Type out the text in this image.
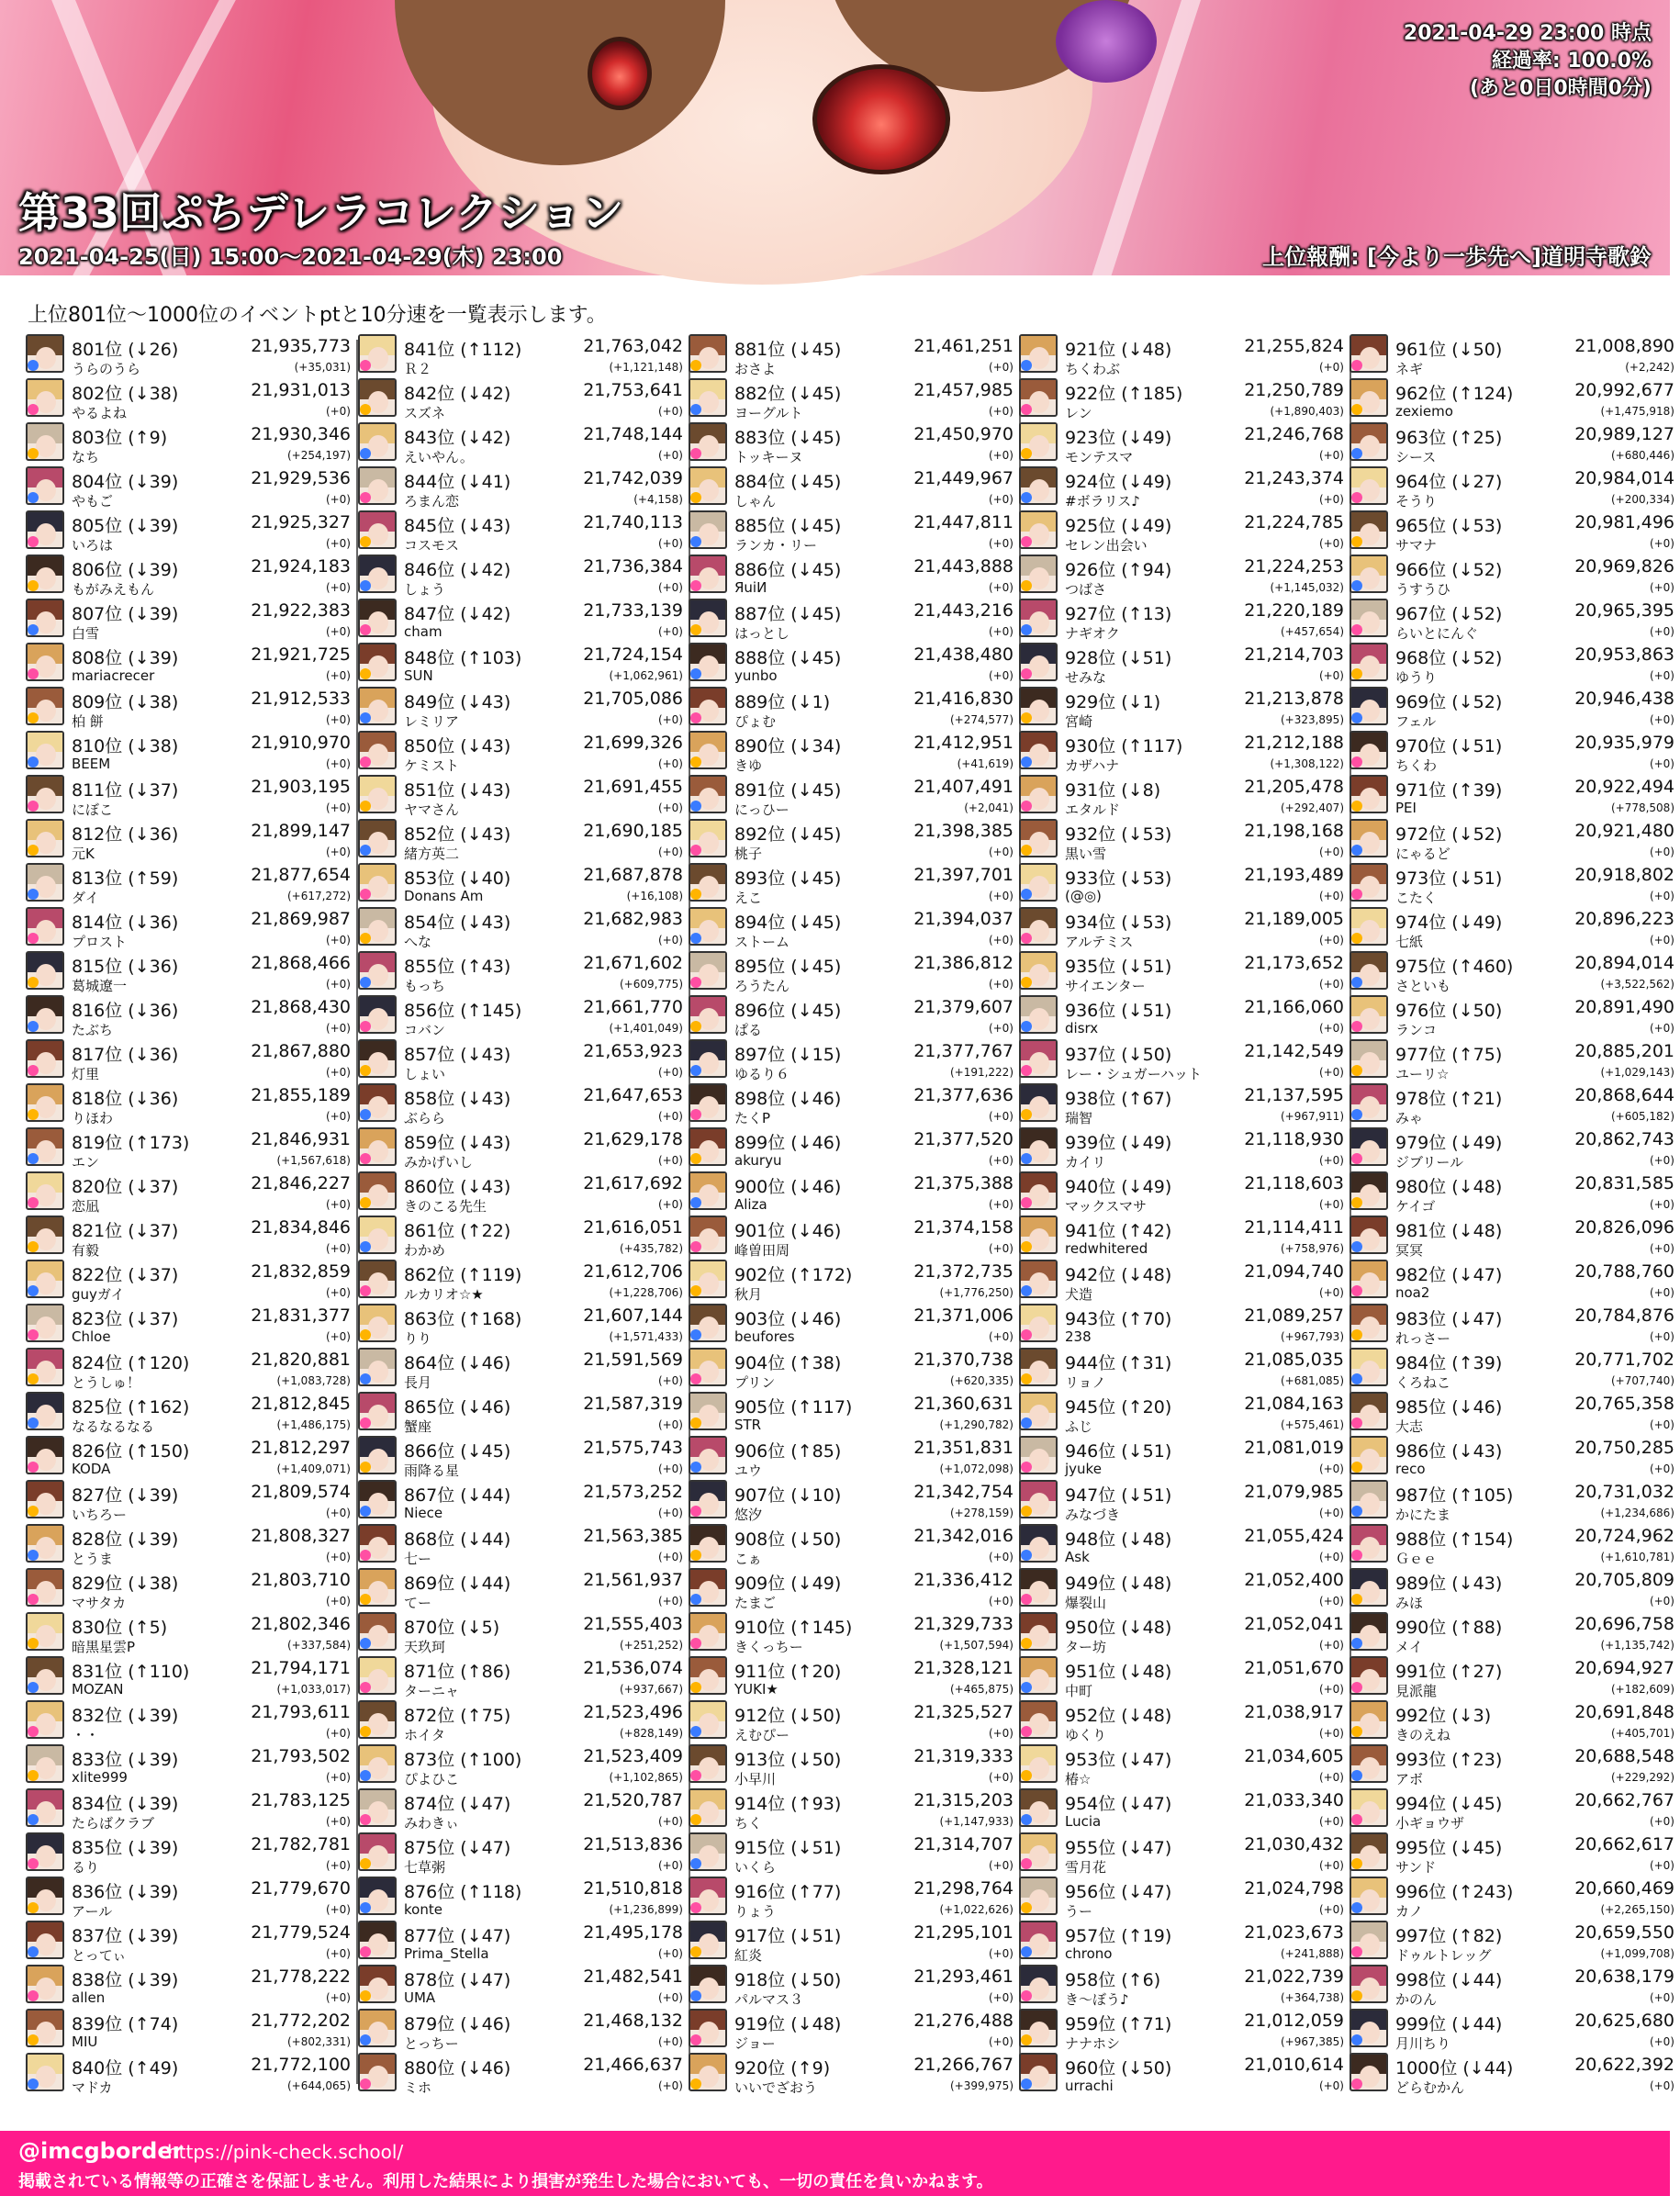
2021-04-29 23:00 時点
経過率: 100.0%
(あと0日0時間0分)
第33回ぷちデレラコレクション
2021-04-25(日) 15:00〜2021-04-29(木) 23:00	上位報酬: [今より一歩先へ]道明寺歌鈴
上位801位〜1000位のイベントptと10分速を一覧表示します。
801位 (↓26)	21,935,773
うらのうら	(+35,031)
802位 (↓38)	21,931,013
やるよね	(+0)
803位 (↑9)	21,930,346
なち	(+254,197)
804位 (↓39)	21,929,536
やもご	(+0)
805位 (↓39)	21,925,327
いろは	(+0)
806位 (↓39)	21,924,183
もがみえもん	(+0)
807位 (↓39)	21,922,383
白雪	(+0)
808位 (↓39)	21,921,725
mariacrecer	(+0)
809位 (↓38)	21,912,533
柏 餅	(+0)
810位 (↓38)	21,910,970
BEEM	(+0)
811位 (↓37)	21,903,195
にぼこ	(+0)
812位 (↓36)	21,899,147
元K	(+0)
813位 (↑59)	21,877,654
ダイ	(+617,272)
814位 (↓36)	21,869,987
プロスト	(+0)
815位 (↓36)	21,868,466
葛城遼一	(+0)
816位 (↓36)	21,868,430
たぶち	(+0)
817位 (↓36)	21,867,880
灯里	(+0)
818位 (↓36)	21,855,189
りほわ	(+0)
819位 (↑173)	21,846,931
エン	(+1,567,618)
820位 (↓37)	21,846,227
恋凪	(+0)
821位 (↓37)	21,834,846
有毅	(+0)
822位 (↓37)	21,832,859
guyガイ	(+0)
823位 (↓37)	21,831,377
Chloe	(+0)
824位 (↑120)	21,820,881
とうしゅ！	(+1,083,728)
825位 (↑162)	21,812,845
なるなるなる	(+1,486,175)
826位 (↑150)	21,812,297
KODA	(+1,409,071)
827位 (↓39)	21,809,574
いちろー	(+0)
828位 (↓39)	21,808,327
とうま	(+0)
829位 (↓38)	21,803,710
マサタカ	(+0)
830位 (↑5)	21,802,346
暗黒星雲P	(+337,584)
831位 (↑110)	21,794,171
MOZAN	(+1,033,017)
832位 (↓39)	21,793,611
・・	(+0)
833位 (↓39)	21,793,502
xlite999	(+0)
834位 (↓39)	21,783,125
たらばクラブ	(+0)
835位 (↓39)	21,782,781
るり	(+0)
836位 (↓39)	21,779,670
アール	(+0)
837位 (↓39)	21,779,524
とってぃ	(+0)
838位 (↓39)	21,778,222
allen	(+0)
839位 (↑74)	21,772,202
MIU	(+802,331)
840位 (↑49)	21,772,100
マドカ	(+644,065)
841位 (↑112)	21,763,042
Ｒ２	(+1,121,148)
842位 (↓42)	21,753,641
スズネ	(+0)
843位 (↓42)	21,748,144
えいやん。	(+0)
844位 (↓41)	21,742,039
ろまん恋	(+4,158)
845位 (↓43)	21,740,113
コスモス	(+0)
846位 (↓42)	21,736,384
しょう	(+0)
847位 (↓42)	21,733,139
cham	(+0)
848位 (↑103)	21,724,154
SUN	(+1,062,961)
849位 (↓43)	21,705,086
レミリア	(+0)
850位 (↓43)	21,699,326
ケミスト	(+0)
851位 (↓43)	21,691,455
ヤマさん	(+0)
852位 (↓43)	21,690,185
緒方英二	(+0)
853位 (↓40)	21,687,878
Donans Am	(+16,108)
854位 (↓43)	21,682,983
へな	(+0)
855位 (↑43)	21,671,602
もっち	(+609,775)
856位 (↑145)	21,661,770
コバン	(+1,401,049)
857位 (↓43)	21,653,923
しょい	(+0)
858位 (↓43)	21,647,653
ぶらら	(+0)
859位 (↓43)	21,629,178
みかげいし	(+0)
860位 (↓43)	21,617,692
きのこる先生	(+0)
861位 (↑22)	21,616,051
わかめ	(+435,782)
862位 (↑119)	21,612,706
ルカリオ☆★	(+1,228,706)
863位 (↑168)	21,607,144
りり	(+1,571,433)
864位 (↓46)	21,591,569
長月	(+0)
865位 (↓46)	21,587,319
蟹座	(+0)
866位 (↓45)	21,575,743
雨降る星	(+0)
867位 (↓44)	21,573,252
Niece	(+0)
868位 (↓44)	21,563,385
七ー	(+0)
869位 (↓44)	21,561,937
てー	(+0)
870位 (↓5)	21,555,403
天玖珂	(+251,252)
871位 (↑86)	21,536,074
ターニャ	(+937,667)
872位 (↑75)	21,523,496
ホイタ	(+828,149)
873位 (↑100)	21,523,409
ぴよひこ	(+1,102,865)
874位 (↓47)	21,520,787
みわきぃ	(+0)
875位 (↓47)	21,513,836
七草粥	(+0)
876位 (↑118)	21,510,818
konte	(+1,236,899)
877位 (↓47)	21,495,178
Prima_Stella	(+0)
878位 (↓47)	21,482,541
UMA	(+0)
879位 (↓46)	21,468,132
とっちー	(+0)
880位 (↓46)	21,466,637
ミホ	(+0)
881位 (↓45)	21,461,251
おさよ	(+0)
882位 (↓45)	21,457,985
ヨーグルト	(+0)
883位 (↓45)	21,450,970
トッキーヌ	(+0)
884位 (↓45)	21,449,967
しゃん	(+0)
885位 (↓45)	21,447,811
ランカ・リー	(+0)
886位 (↓45)	21,443,888
ЯuiИ	(+0)
887位 (↓45)	21,443,216
はっとし	(+0)
888位 (↓45)	21,438,480
yunbo	(+0)
889位 (↓1)	21,416,830
ぴょむ	(+274,577)
890位 (↓34)	21,412,951
きゆ	(+41,619)
891位 (↓45)	21,407,491
にっひー	(+2,041)
892位 (↓45)	21,398,385
桃子	(+0)
893位 (↓45)	21,397,701
えこ	(+0)
894位 (↓45)	21,394,037
ストーム	(+0)
895位 (↓45)	21,386,812
ろうたん	(+0)
896位 (↓45)	21,379,607
ぱる	(+0)
897位 (↓15)	21,377,767
ゆるり６	(+191,222)
898位 (↓46)	21,377,636
たくP	(+0)
899位 (↓46)	21,377,520
akuryu	(+0)
900位 (↓46)	21,375,388
Aliza	(+0)
901位 (↓46)	21,374,158
峰曽田周	(+0)
902位 (↑172)	21,372,735
秋月	(+1,776,250)
903位 (↓46)	21,371,006
beufores	(+0)
904位 (↑38)	21,370,738
プリン	(+620,335)
905位 (↑117)	21,360,631
STR	(+1,290,782)
906位 (↑85)	21,351,831
ユウ	(+1,072,098)
907位 (↓10)	21,342,754
悠汐	(+278,159)
908位 (↓50)	21,342,016
こぁ	(+0)
909位 (↓49)	21,336,412
たまご	(+0)
910位 (↑145)	21,329,733
きくっちー	(+1,507,594)
911位 (↑20)	21,328,121
YUKI★	(+465,875)
912位 (↓50)	21,325,527
えむぴー	(+0)
913位 (↓50)	21,319,333
小早川	(+0)
914位 (↑93)	21,315,203
ちく	(+1,147,933)
915位 (↓51)	21,314,707
いくら	(+0)
916位 (↑77)	21,298,764
りょう	(+1,022,626)
917位 (↓51)	21,295,101
紅炎	(+0)
918位 (↓50)	21,293,461
パルマス３	(+0)
919位 (↓48)	21,276,488
ジョー	(+0)
920位 (↑9)	21,266,767
いいでざおう	(+399,975)
921位 (↓48)	21,255,824
ちくわぶ	(+0)
922位 (↑185)	21,250,789
レン	(+1,890,403)
923位 (↓49)	21,246,768
モンテスマ	(+0)
924位 (↓49)	21,243,374
#ボラリス♪	(+0)
925位 (↓49)	21,224,785
セレン出会い	(+0)
926位 (↑94)	21,224,253
つばさ	(+1,145,032)
927位 (↑13)	21,220,189
ナギオク	(+457,654)
928位 (↓51)	21,214,703
せみな	(+0)
929位 (↓1)	21,213,878
宮崎	(+323,895)
930位 (↑117)	21,212,188
カザハナ	(+1,308,122)
931位 (↓8)	21,205,478
エタルド	(+292,407)
932位 (↓53)	21,198,168
黒い雪	(+0)
933位 (↓53)	21,193,489
(@◎)	(+0)
934位 (↓53)	21,189,005
アルテミス	(+0)
935位 (↓51)	21,173,652
サイエンター	(+0)
936位 (↓51)	21,166,060
disrx	(+0)
937位 (↓50)	21,142,549
レー・シュガーハット	(+0)
938位 (↑67)	21,137,595
瑞智	(+967,911)
939位 (↓49)	21,118,930
カイリ	(+0)
940位 (↓49)	21,118,603
マックスマサ	(+0)
941位 (↑42)	21,114,411
redwhitered	(+758,976)
942位 (↓48)	21,094,740
犬造	(+0)
943位 (↑70)	21,089,257
238	(+967,793)
944位 (↑31)	21,085,035
リョノ	(+681,085)
945位 (↑20)	21,084,163
ふじ	(+575,461)
946位 (↓51)	21,081,019
jyuke	(+0)
947位 (↓51)	21,079,985
みなづき	(+0)
948位 (↓48)	21,055,424
Ask	(+0)
949位 (↓48)	21,052,400
爆裂山	(+0)
950位 (↓48)	21,052,041
ター坊	(+0)
951位 (↓48)	21,051,670
中町	(+0)
952位 (↓48)	21,038,917
ゆくり	(+0)
953位 (↓47)	21,034,605
椿☆	(+0)
954位 (↓47)	21,033,340
Lucia	(+0)
955位 (↓47)	21,030,432
雪月花	(+0)
956位 (↓47)	21,024,798
うー	(+0)
957位 (↑19)	21,023,673
chrono	(+241,888)
958位 (↑6)	21,022,739
き～ぼう♪	(+364,738)
959位 (↑71)	21,012,059
ナナホシ	(+967,385)
960位 (↓50)	21,010,614
urrachi	(+0)
961位 (↓50)	21,008,890
ネギ	(+2,242)
962位 (↑124)	20,992,677
zexiemo	(+1,475,918)
963位 (↑25)	20,989,127
シース	(+680,446)
964位 (↓27)	20,984,014
そうり	(+200,334)
965位 (↓53)	20,981,496
サマナ	(+0)
966位 (↓52)	20,969,826
うすうひ	(+0)
967位 (↓52)	20,965,395
らいとにんぐ	(+0)
968位 (↓52)	20,953,863
ゆうり	(+0)
969位 (↓52)	20,946,438
フェル	(+0)
970位 (↓51)	20,935,979
ちくわ	(+0)
971位 (↑39)	20,922,494
PEI	(+778,508)
972位 (↓52)	20,921,480
にゃるど	(+0)
973位 (↓51)	20,918,802
こたく	(+0)
974位 (↓49)	20,896,223
七紙	(+0)
975位 (↑460)	20,894,014
さといも	(+3,522,562)
976位 (↓50)	20,891,490
ランコ	(+0)
977位 (↑75)	20,885,201
ユーリ☆	(+1,029,143)
978位 (↑21)	20,868,644
みゃ	(+605,182)
979位 (↓49)	20,862,743
ジブリール	(+0)
980位 (↓48)	20,831,585
ケイゴ	(+0)
981位 (↓48)	20,826,096
冥冥	(+0)
982位 (↓47)	20,788,760
noa2	(+0)
983位 (↓47)	20,784,876
れっさー	(+0)
984位 (↑39)	20,771,702
くろねこ	(+707,740)
985位 (↓46)	20,765,358
大志	(+0)
986位 (↓43)	20,750,285
reco	(+0)
987位 (↑105)	20,731,032
かにたま	(+1,234,686)
988位 (↑154)	20,724,962
Ｇｅｅ	(+1,610,781)
989位 (↓43)	20,705,809
みほ	(+0)
990位 (↑88)	20,696,758
メイ	(+1,135,742)
991位 (↑27)	20,694,927
見派龍	(+182,609)
992位 (↓3)	20,691,848
きのえね	(+405,701)
993位 (↑23)	20,688,548
アボ	(+229,292)
994位 (↓45)	20,662,767
小ギョウザ	(+0)
995位 (↓45)	20,662,617
サンド	(+0)
996位 (↑243)	20,660,469
カノ	(+2,265,150)
997位 (↑82)	20,659,550
ドゥルトレッグ	(+1,099,708)
998位 (↓44)	20,638,179
かのん	(+0)
999位 (↓44)	20,625,680
月川ちり	(+0)
1000位 (↓44)	20,622,392
どらむかん	(+0)
@imcgborder
https://pink-check.school/
掲載されている情報等の正確さを保証しません。利用した結果により損害が発生した場合においても、一切の責任を負いかねます。
